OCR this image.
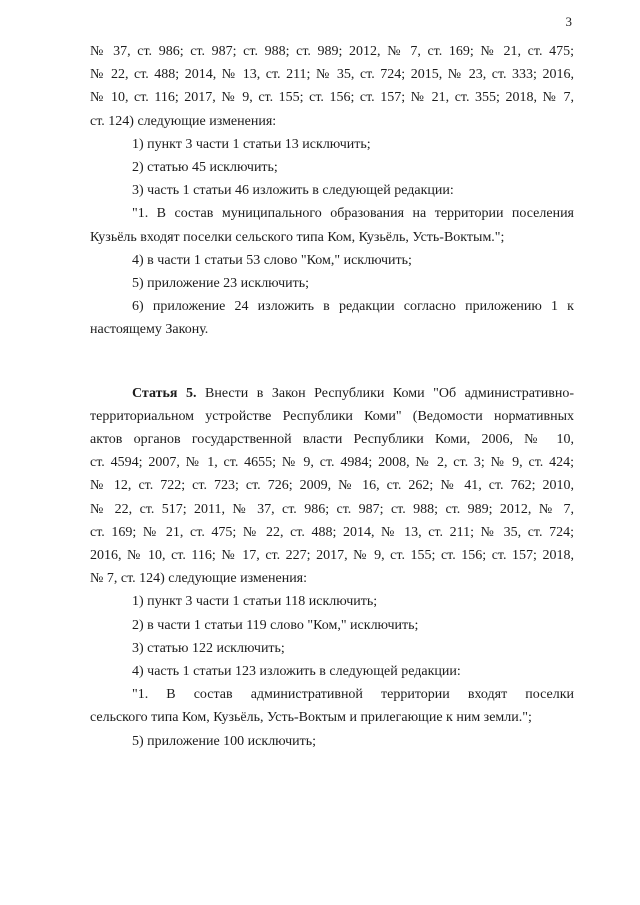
3

№ 37, ст. 986; ст. 987; ст. 988; ст. 989; 2012, № 7, ст. 169; № 21, ст. 475;

№ 22, ст. 488; 2014, № 13, ст. 211; № 35, ст. 724; 2015, № 23, ст. 333; 2016,

№ 10, ст. 116; 2017, № 9, ст. 155; ст. 156; ст. 157; № 21, ст. 355; 2018, № 7,

ст. 124) следующие изменения:

1) пункт 3 части 1 статьи 13 исключить;

2) статью 45 исключить;

3) часть 1 статьи 46 изложить в следующей редакции:

"1. В состав муниципального образования на территории поселения

Кузьёль входят поселки сельского типа Ком, Кузьёль, Усть-Воктым.";

4) в части 1 статьи 53 слово "Ком," исключить;

5) приложение 23 исключить;

6) приложение 24 изложить в редакции согласно приложению 1 к

настоящему Закону.

Статья 5. Внести в Закон Республики Коми "Об административно-

территориальном устройстве Республики Коми" (Ведомости нормативных

актов органов государственной власти Республики Коми, 2006, № 10,

ст. 4594; 2007, № 1, ст. 4655; № 9, ст. 4984; 2008, № 2, ст. 3; № 9, ст. 424;

№ 12, ст. 722; ст. 723; ст. 726; 2009, № 16, ст. 262; № 41, ст. 762; 2010,

№ 22, ст. 517; 2011, № 37, ст. 986; ст. 987; ст. 988; ст. 989; 2012, № 7,

ст. 169; № 21, ст. 475; № 22, ст. 488; 2014, № 13, ст. 211; № 35, ст. 724;

2016, № 10, ст. 116; № 17, ст. 227; 2017, № 9, ст. 155; ст. 156; ст. 157; 2018,

№ 7, ст. 124) следующие изменения:

1) пункт 3 части 1 статьи 118 исключить;

2) в части 1 статьи 119 слово "Ком," исключить;

3) статью 122 исключить;

4) часть 1 статьи 123 изложить в следующей редакции:

"1. В состав административной территории входят поселки

сельского типа Ком, Кузьёль, Усть-Воктым и прилегающие к ним земли.";

5) приложение 100 исключить;
